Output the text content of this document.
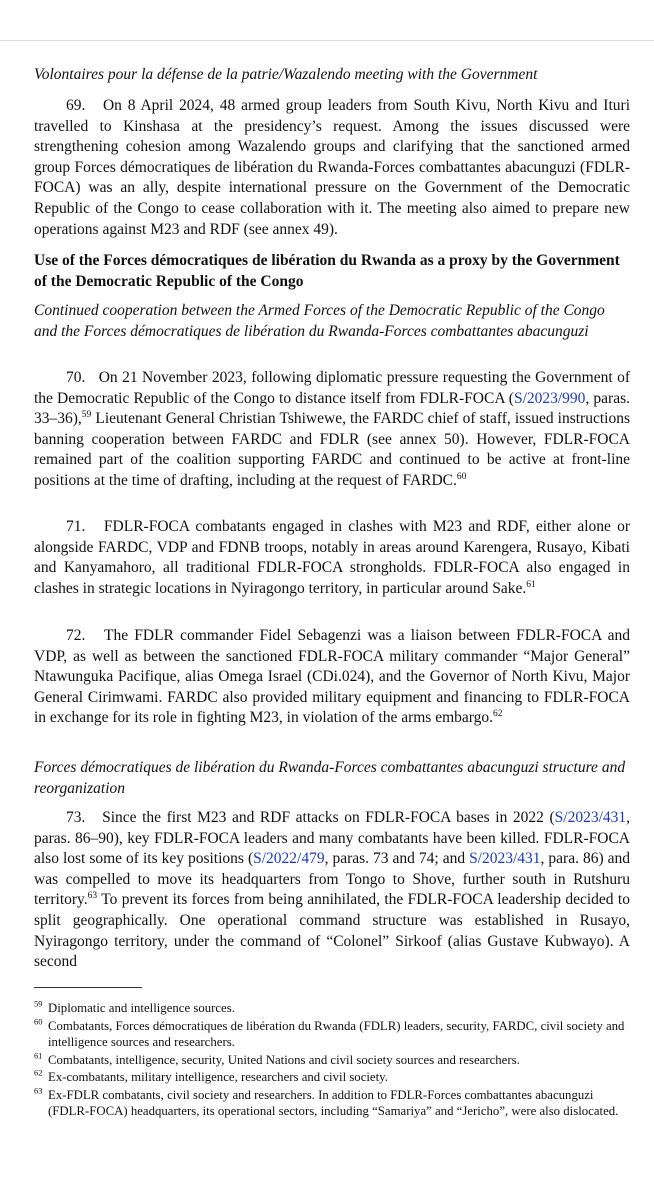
Volontaires pour la défense de la patrie/Wazalendo meeting with the Government
69. On 8 April 2024, 48 armed group leaders from South Kivu, North Kivu and Ituri travelled to Kinshasa at the presidency’s request. Among the issues discussed were strengthening cohesion among Wazalendo groups and clarifying that the sanctioned armed group Forces démocratiques de libération du Rwanda-Forces combattantes abacunguzi (FDLR-FOCA) was an ally, despite international pressure on the Government of the Democratic Republic of the Congo to cease collaboration with it. The meeting also aimed to prepare new operations against M23 and RDF (see annex 49).
Use of the Forces démocratiques de libération du Rwanda as a proxy by the Government of the Democratic Republic of the Congo
Continued cooperation between the Armed Forces of the Democratic Republic of the Congo and the Forces démocratiques de libération du Rwanda-Forces combattantes abacunguzi
70. On 21 November 2023, following diplomatic pressure requesting the Government of the Democratic Republic of the Congo to distance itself from FDLR-FOCA (S/2023/990, paras. 33–36),$^{59}$ Lieutenant General Christian Tshiwewe, the FARDC chief of staff, issued instructions banning cooperation between FARDC and FDLR (see annex 50). However, FDLR-FOCA remained part of the coalition supporting FARDC and continued to be active at front-line positions at the time of drafting, including at the request of FARDC.$^{60}$
71. FDLR-FOCA combatants engaged in clashes with M23 and RDF, either alone or alongside FARDC, VDP and FDNB troops, notably in areas around Karengera, Rusayo, Kibati and Kanyamahoro, all traditional FDLR-FOCA strongholds. FDLR-FOCA also engaged in clashes in strategic locations in Nyiragongo territory, in particular around Sake.$^{61}$
72. The FDLR commander Fidel Sebagenzi was a liaison between FDLR-FOCA and VDP, as well as between the sanctioned FDLR-FOCA military commander “Major General” Ntawunguka Pacifique, alias Omega Israel (CDi.024), and the Governor of North Kivu, Major General Cirimwami. FARDC also provided military equipment and financing to FDLR-FOCA in exchange for its role in fighting M23, in violation of the arms embargo.$^{62}$
Forces démocratiques de libération du Rwanda-Forces combattantes abacunguzi structure and reorganization
73. Since the first M23 and RDF attacks on FDLR-FOCA bases in 2022 (S/2023/431, paras. 86–90), key FDLR-FOCA leaders and many combatants have been killed. FDLR-FOCA also lost some of its key positions (S/2022/479, paras. 73 and 74; and S/2023/431, para. 86) and was compelled to move its headquarters from Tongo to Shove, further south in Rutshuru territory.$^{63}$ To prevent its forces from being annihilated, the FDLR-FOCA leadership decided to split geographically. One operational command structure was established in Rusayo, Nyiragongo territory, under the command of “Colonel” Sirkoof (alias Gustave Kubwayo). A second
$^{59}$ Diplomatic and intelligence sources.
$^{60}$ Combatants, Forces démocratiques de libération du Rwanda (FDLR) leaders, security, FARDC, civil society and intelligence sources and researchers.
$^{61}$ Combatants, intelligence, security, United Nations and civil society sources and researchers.
$^{62}$ Ex-combatants, military intelligence, researchers and civil society.
$^{63}$ Ex-FDLR combatants, civil society and researchers. In addition to FDLR-Forces combattantes abacunguzi (FDLR-FOCA) headquarters, its operational sectors, including “Samariya” and “Jericho”, were also dislocated.
